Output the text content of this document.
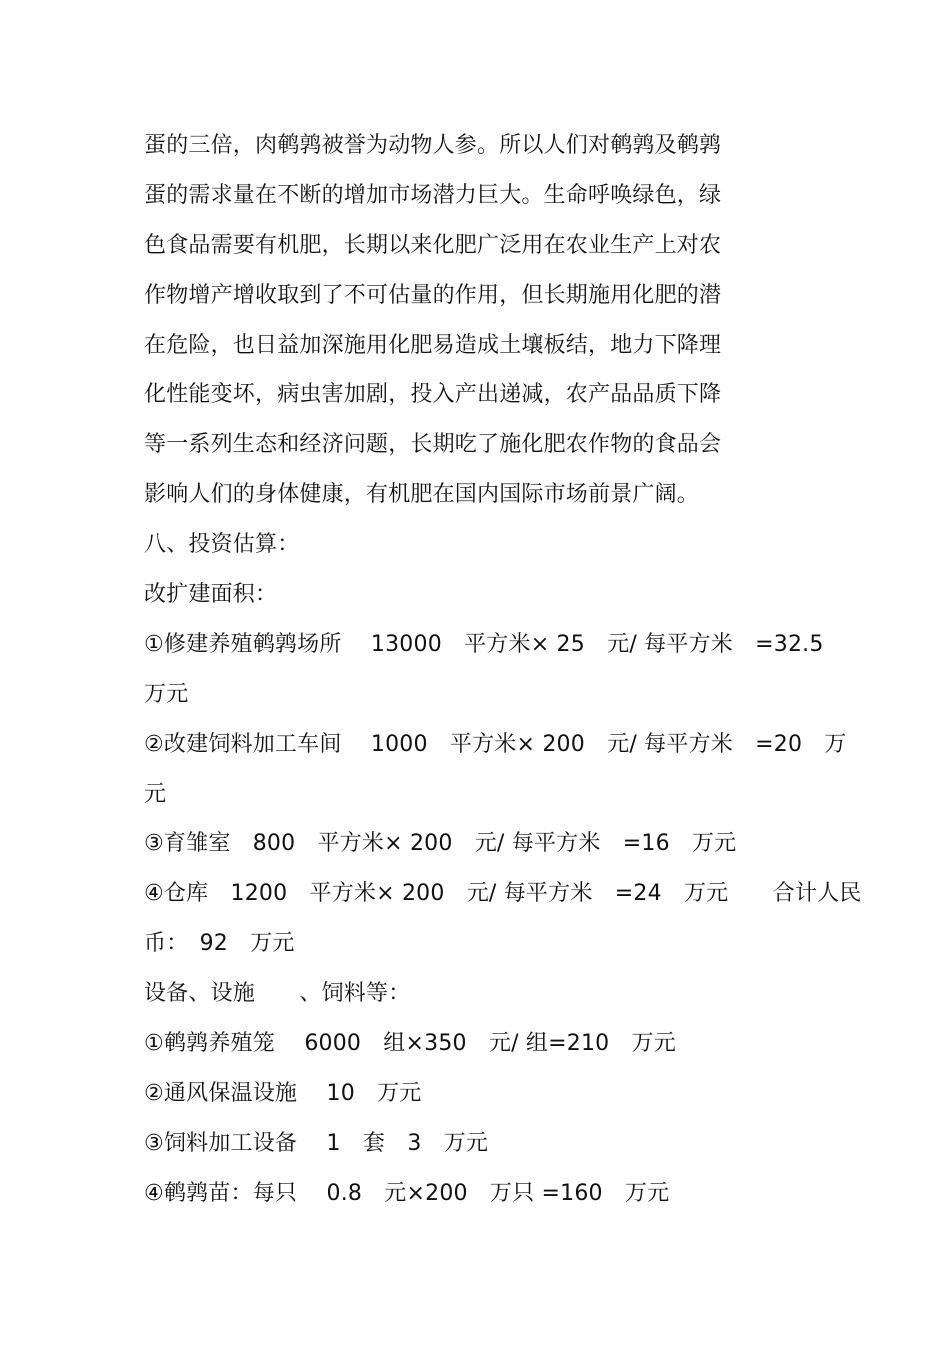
蛋的三倍，肉鹌鹑被誉为动物人参。所以人们对鹌鹑及鹌鹑
蛋的需求量在不断的增加市场潜力巨大。生命呼唤绿色，绿
色食品需要有机肥，长期以来化肥广泛用在农业生产上对农
作物增产增收取到了不可估量的作用，但长期施用化肥的潜
在危险，也日益加深施用化肥易造成土壤板结，地力下降理
化性能变坏，病虫害加剧，投入产出递减，农产品品质下降
等一系列生态和经济问题，长期吃了施化肥农作物的食品会
影响人们的身体健康，有机肥在国内国际市场前景广阔。
八、投资估算：
改扩建面积：
①修建养殖鹌鹑场所　 13000　平方米× 25　元/ 每平方米　=32.5
万元
②改建饲料加工车间　 1000　平方米× 200　元/ 每平方米　=20　万
元
③育雏室　800　平方米× 200　元/ 每平方米　=16　万元
④仓库　1200　平方米× 200　元/ 每平方米　=24　万元　　合计人民
币：　92　万元
设备、设施　　、饲料等：
①鹌鹑养殖笼　 6000　组×350　元/ 组=210　万元
②通风保温设施　 10　万元
③饲料加工设备　 1　套　3　万元
④鹌鹑苗：每只　 0.8　元×200　万只 =160　万元
